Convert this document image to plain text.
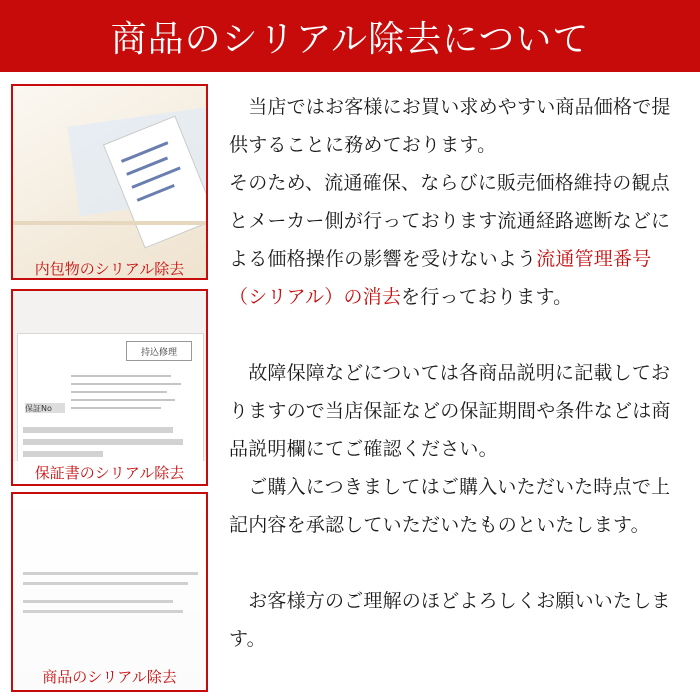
商品のシリアル除去について
内包物のシリアル除去
持込修理
保証No
保証書のシリアル除去
商品のシリアル除去

　当店ではお客様にお買い求めやすい商品価格で提供することに務めております。
そのため、流通確保、ならびに販売価格維持の観点とメーカー側が行っております流通経路遮断などによる価格操作の影響を受けないよう流通管理番号（シリアル）の消去を行っております。

　故障保障などについては各商品説明に記載しておりますので当店保証などの保証期間や条件などは商品説明欄にてご確認ください。

　ご購入につきましてはご購入いただいた時点で上記内容を承認していただいたものといたします。

　お客様方のご理解のほどよろしくお願いいたします。
